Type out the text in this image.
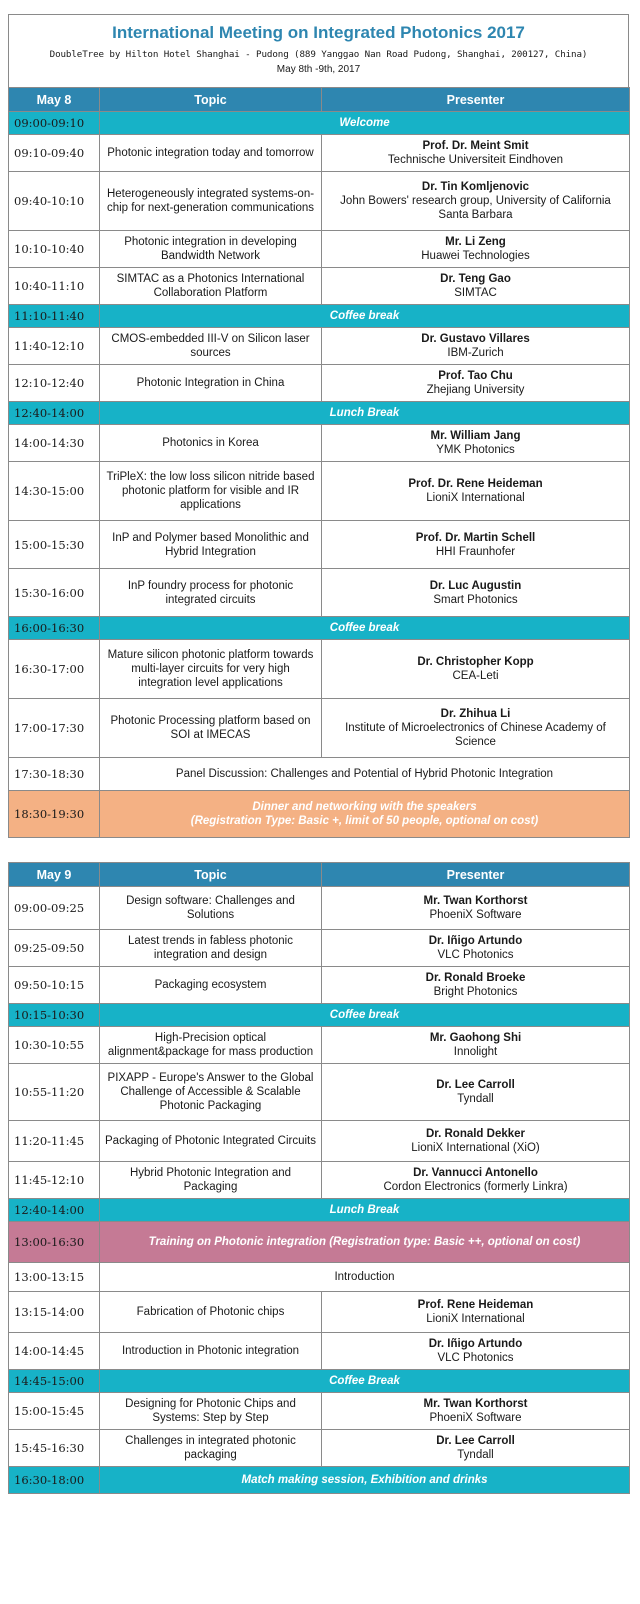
International Meeting on Integrated Photonics 2017
DoubleTree by Hilton Hotel Shanghai - Pudong (889 Yanggao Nan Road Pudong, Shanghai, 200127, China)
May 8th -9th, 2017
May 8	Topic	Presenter
09:00-09:10	Welcome	
09:10-09:40	Photonic integration today and tomorrow	Prof. Dr. Meint Smit
Technische Universiteit Eindhoven

09:40-10:10	Heterogeneously integrated systems-on-chip for next-generation communications	Dr. Tin Komljenovic
John Bowers' research group, University of California Santa Barbara

10:10-10:40	Photonic integration in developing Bandwidth Network	Mr. Li Zeng
Huawei Technologies

10:40-11:10	SIMTAC as a Photonics International Collaboration Platform	Dr. Teng Gao
SIMTAC

11:10-11:40	Coffee break	
11:40-12:10	CMOS-embedded III-V on Silicon laser sources	Dr. Gustavo Villares
IBM-Zurich

12:10-12:40	Photonic Integration in China	Prof. Tao Chu
Zhejiang University

12:40-14:00	Lunch Break	
14:00-14:30	Photonics in Korea	Mr. William Jang
YMK Photonics

14:30-15:00	TriPleX: the low loss silicon nitride based photonic platform for visible and IR applications	Prof. Dr. Rene Heideman
LioniX International

15:00-15:30	InP and Polymer based Monolithic and Hybrid Integration	Prof. Dr. Martin Schell
HHI Fraunhofer

15:30-16:00	InP foundry process for photonic integrated circuits	Dr. Luc Augustin
Smart Photonics

16:00-16:30	Coffee break	
16:30-17:00	Mature silicon photonic platform towards multi-layer circuits for very high integration level applications	Dr. Christopher Kopp
CEA-Leti

17:00-17:30	Photonic Processing platform based on SOI at IMECAS	Dr. Zhihua Li
Institute of Microelectronics of Chinese Academy of Science

17:30-18:30	Panel Discussion: Challenges and Potential of Hybrid Photonic Integration	
18:30-19:30	Dinner and networking with the speakers
(Registration Type: Basic +, limit of 50 people, optional on cost)	
May 9	Topic	Presenter
09:00-09:25	Design software: Challenges and Solutions	Mr. Twan Korthorst
PhoeniX Software

09:25-09:50	Latest trends in fabless photonic integration and design	Dr. Iñigo Artundo
VLC Photonics

09:50-10:15	Packaging ecosystem	Dr. Ronald Broeke
Bright Photonics

10:15-10:30	Coffee break	
10:30-10:55	High-Precision optical alignment&package for mass production	Mr. Gaohong Shi
Innolight

10:55-11:20	PIXAPP - Europe's Answer to the Global Challenge of Accessible & Scalable Photonic Packaging	Dr. Lee Carroll
Tyndall

11:20-11:45	Packaging of Photonic Integrated Circuits	Dr. Ronald Dekker
LioniX International (XiO)

11:45-12:10	Hybrid Photonic Integration and Packaging	Dr. Vannucci Antonello
Cordon Electronics (formerly Linkra)

12:40-14:00	Lunch Break	
13:00-16:30	Training on Photonic integration (Registration type: Basic ++, optional on cost)	
13:00-13:15	Introduction	
13:15-14:00	Fabrication of Photonic chips	Prof. Rene Heideman
LioniX International

14:00-14:45	Introduction in Photonic integration	Dr. Iñigo Artundo
VLC Photonics

14:45-15:00	Coffee Break	
15:00-15:45	Designing for Photonic Chips and Systems: Step by Step	Mr. Twan Korthorst
PhoeniX Software

15:45-16:30	Challenges in integrated photonic packaging	Dr. Lee Carroll
Tyndall

16:30-18:00	Match making session, Exhibition and drinks	
